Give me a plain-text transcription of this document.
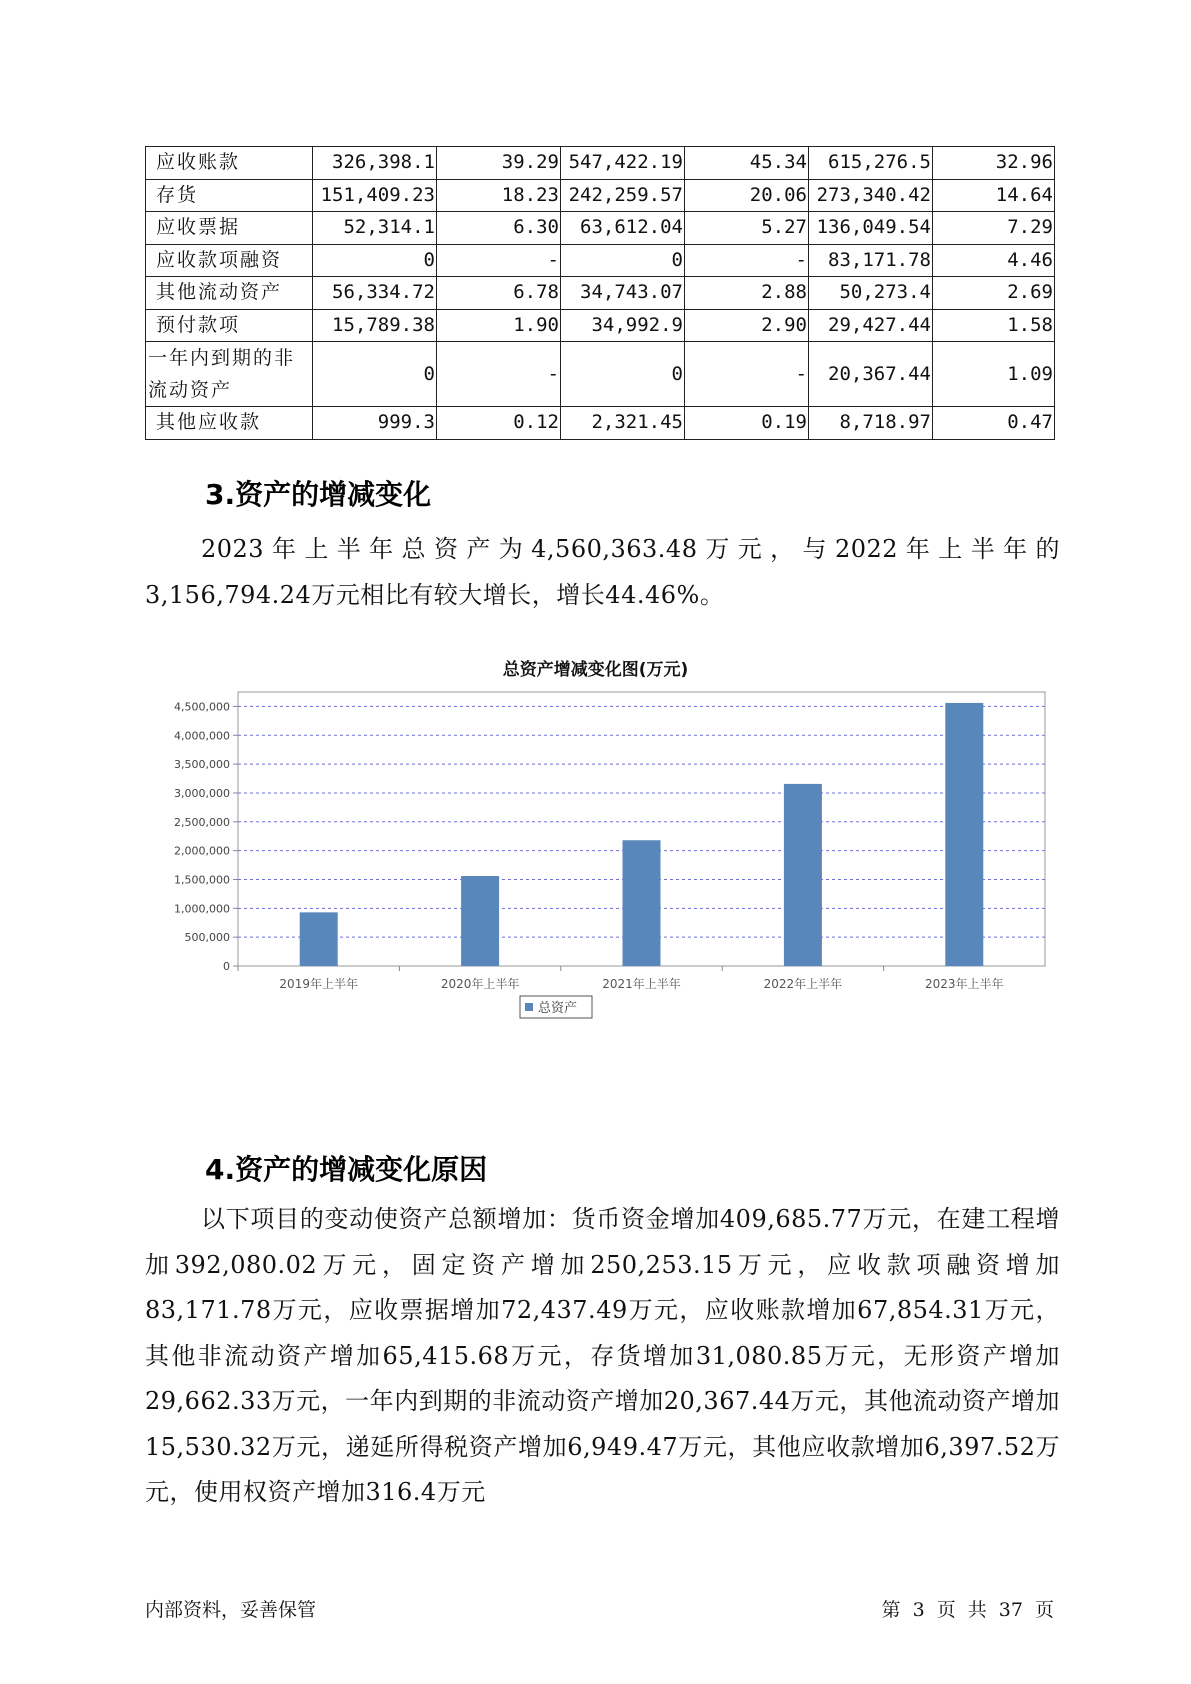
应收账款	326,398.1	39.29	547,422.19	45.34	615,276.5	32.96
存货	151,409.23	18.23	242,259.57	20.06	273,340.42	14.64
应收票据	52,314.1	6.30	63,612.04	5.27	136,049.54	7.29
应收款项融资	0	-	0	-	83,171.78	4.46
其他流动资产	56,334.72	6.78	34,743.07	2.88	50,273.4	2.69
预付款项	15,789.38	1.90	34,992.9	2.90	29,427.44	1.58
一年内到期的非流动资产	0	-	0	-	20,367.44	1.09
其他应收款	999.3	0.12	2,321.45	0.19	8,718.97	0.47
3.资产的增减变化
2023年上半年总资产为4,560,363.48万元，与2022年上半年的3,156,794.24万元相比有较大增长，增长44.46%。
总资产增减变化图(万元)
0
500,000
1,000,000
1,500,000
2,000,000
2,500,000
3,000,000
3,500,000
4,000,000
4,500,000
2019年上半年	2020年上半年	2021年上半年	2022年上半年	2023年上半年
总资产
4.资产的增减变化原因
以下项目的变动使资产总额增加：货币资金增加409,685.77万元，在建工程增加392,080.02万元，固定资产增加250,253.15万元，应收款项融资增加83,171.78万元，应收票据增加72,437.49万元，应收账款增加67,854.31万元，其他非流动资产增加65,415.68万元，存货增加31,080.85万元，无形资产增加29,662.33万元，一年内到期的非流动资产增加20,367.44万元，其他流动资产增加15,530.32万元，递延所得税资产增加6,949.47万元，其他应收款增加6,397.52万元，使用权资产增加316.4万元
内部资料，妥善保管	第 3 页 共 37 页
